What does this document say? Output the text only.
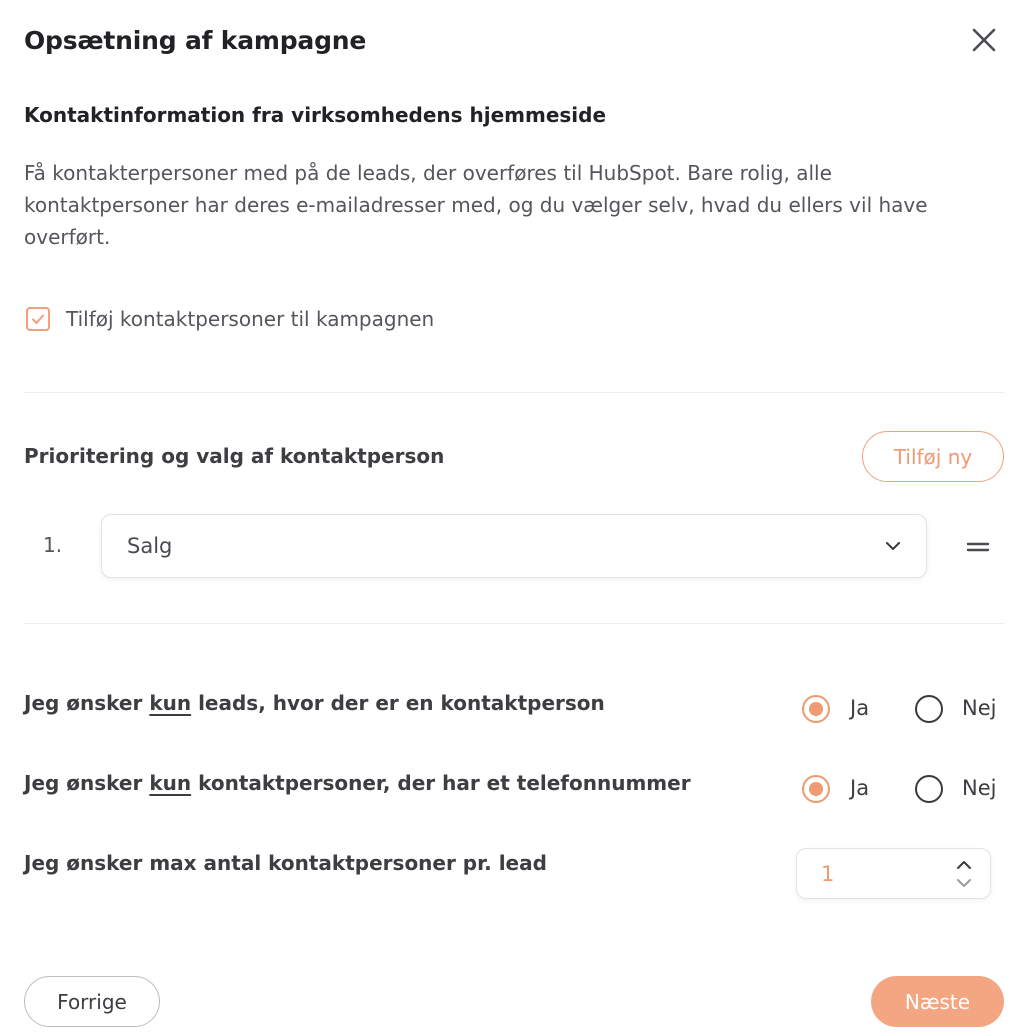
Opsætning af kampagne
Kontaktinformation fra virksomhedens hjemmeside
Få kontakterpersoner med på de leads, der overføres til HubSpot. Bare rolig, alle kontaktpersoner har deres e-mailadresser med, og du vælger selv, hvad du ellers vil have overført.
Tilføj kontaktpersoner til kampagnen
Prioritering og valg af kontaktperson	Tilføj ny
1.	Salg
Jeg ønsker kun leads, hvor der er en kontaktperson	Ja	Nej
Jeg ønsker kun kontaktpersoner, der har et telefonnummer	Ja	Nej
Jeg ønsker max antal kontaktpersoner pr. lead	1
Forrige	Næste
